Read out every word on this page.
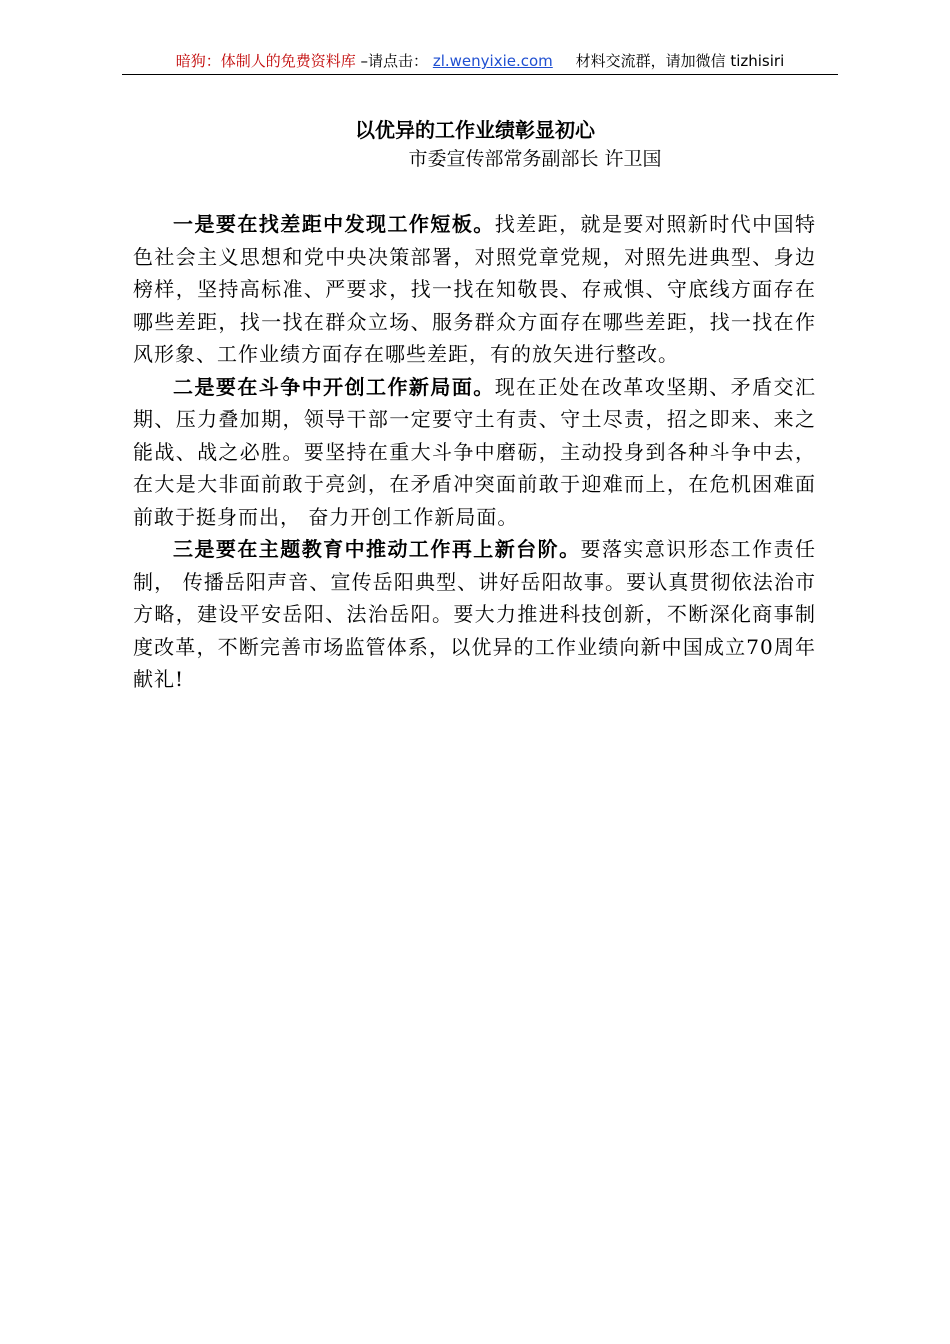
暗狗：体制人的免费资料库 –请点击： zl.wenyixie.com 材料交流群，请加微信 tizhisiri
以优异的工作业绩彰显初心
市委宣传部常务副部长 许卫国

一是要在找差距中发现工作短板。找差距，就是要对照新时代中国特色社会主义思想和党中央决策部署，对照党章党规，对照先进典型、身边榜样，坚持高标准、严要求，找一找在知敬畏、存戒惧、守底线方面存在哪些差距，找一找在群众立场、服务群众方面存在哪些差距，找一找在作风形象、工作业绩方面存在哪些差距，有的放矢进行整改。

二是要在斗争中开创工作新局面。现在正处在改革攻坚期、矛盾交汇期、压力叠加期，领导干部一定要守土有责、守土尽责，招之即来、来之能战、战之必胜。要坚持在重大斗争中磨砺，主动投身到各种斗争中去，在大是大非面前敢于亮剑，在矛盾冲突面前敢于迎难而上，在危机困难面前敢于挺身而出， 奋力开创工作新局面。

三是要在主题教育中推动工作再上新台阶。要落实意识形态工作责任制， 传播岳阳声音、宣传岳阳典型、讲好岳阳故事。要认真贯彻依法治市方略，建设平安岳阳、法治岳阳。要大力推进科技创新，不断深化商事制度改革，不断完善市场监管体系，以优异的工作业绩向新中国成立70周年献礼!
